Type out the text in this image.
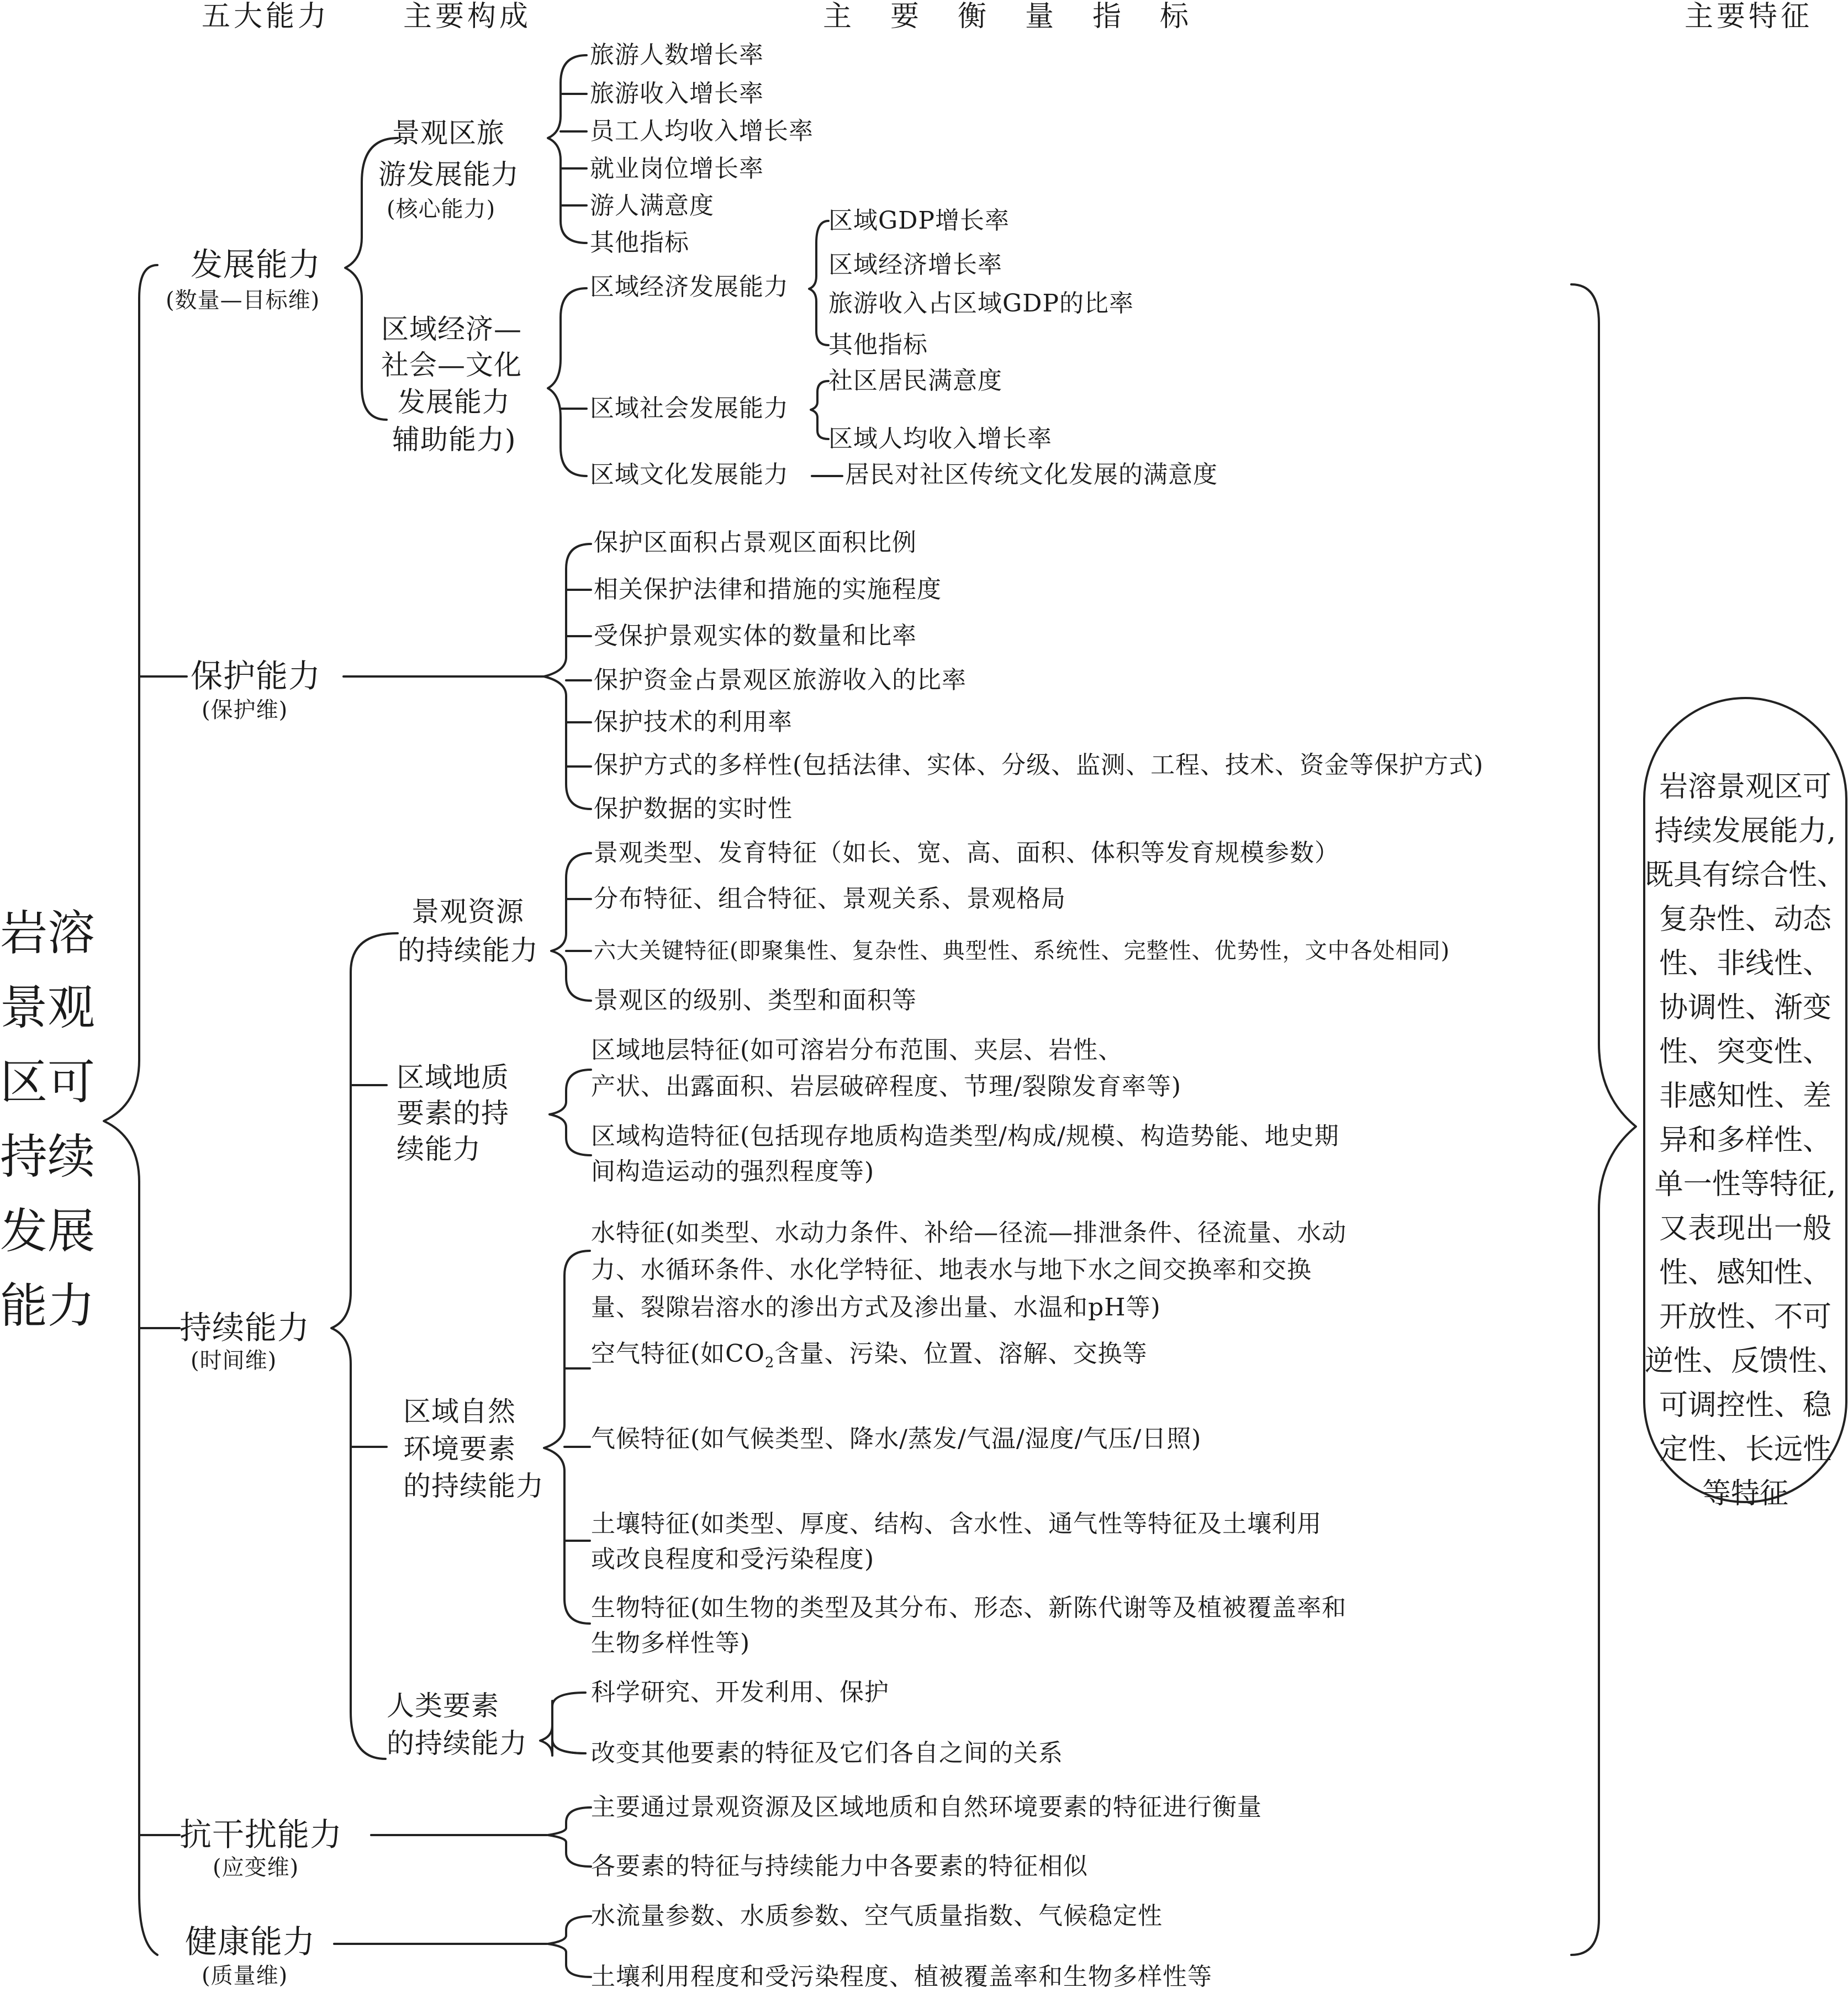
五大能力	主要构成	主要衡量指标	主要特征
岩溶
景观
区可
持续
发展
能力
发展能力
(数量—目标维)
保护能力
(保护维)
持续能力
(时间维)
抗干扰能力
(应变维)
健康能力
(质量维)
景观区旅
游发展能力
(核心能力)
区域经济—
社会—文化
发展能力
辅助能力)
景观资源
的持续能力
区域地质
要素的持
续能力
区域自然
环境要素
的持续能力
人类要素
的持续能力
旅游人数增长率
旅游收入增长率
员工人均收入增长率
就业岗位增长率
游人满意度
其他指标
区域经济发展能力
区域社会发展能力
区域文化发展能力
区域GDP增长率
区域经济增长率
旅游收入占区域GDP的比率
其他指标
社区居民满意度
区域人均收入增长率
居民对社区传统文化发展的满意度
保护区面积占景观区面积比例
相关保护法律和措施的实施程度
受保护景观实体的数量和比率
保护资金占景观区旅游收入的比率
保护技术的利用率
保护方式的多样性(包括法律、实体、分级、监测、工程、技术、资金等保护方式)
保护数据的实时性
景观类型、发育特征（如长、宽、高、面积、体积等发育规模参数）
分布特征、组合特征、景观关系、景观格局
六大关键特征(即聚集性、复杂性、典型性、系统性、完整性、优势性，文中各处相同)
景观区的级别、类型和面积等
区域地层特征(如可溶岩分布范围、夹层、岩性、
产状、出露面积、岩层破碎程度、节理/裂隙发育率等)
区域构造特征(包括现存地质构造类型/构成/规模、构造势能、地史期
间构造运动的强烈程度等)
水特征(如类型、水动力条件、补给—径流—排泄条件、径流量、水动
力、水循环条件、水化学特征、地表水与地下水之间交换率和交换
量、裂隙岩溶水的渗出方式及渗出量、水温和pH等)
空气特征(如$CO_2$含量、污染、位置、溶解、交换等
气候特征(如气候类型、降水/蒸发/气温/湿度/气压/日照)
土壤特征(如类型、厚度、结构、含水性、通气性等特征及土壤利用
或改良程度和受污染程度)
生物特征(如生物的类型及其分布、形态、新陈代谢等及植被覆盖率和
生物多样性等)
科学研究、开发利用、保护
改变其他要素的特征及它们各自之间的关系
主要通过景观资源及区域地质和自然环境要素的特征进行衡量
各要素的特征与持续能力中各要素的特征相似
水流量参数、水质参数、空气质量指数、气候稳定性
土壤利用程度和受污染程度、植被覆盖率和生物多样性等
岩溶景观区可
持续发展能力,
既具有综合性、
复杂性、动态
性、非线性、
协调性、渐变
性、突变性、
非感知性、差
异和多样性、
单一性等特征,
又表现出一般
性、感知性、
开放性、不可
逆性、反馈性、
可调控性、稳
定性、长远性
等特征
